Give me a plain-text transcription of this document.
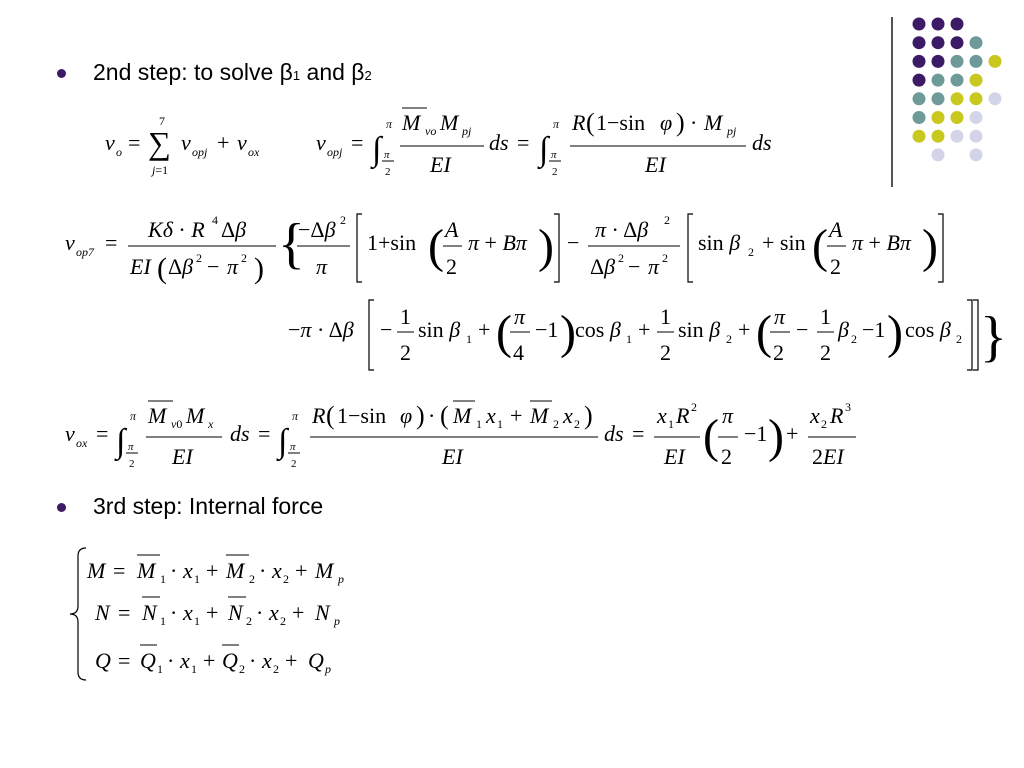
2nd step: to solve β1 and β2
3rd step: Internal force
v o = ∑
7
j=1
v opj + v ox	v opj = ∫
π
π
2
M vo M pj
EI
ds = ∫
π
π
2
R ( 1−sin φ ) · M pj
EI
ds
v op7 =
Kδ · R 4 Δβ
EI ( Δβ 2 − π 2 ) {
−Δβ 2
π
1+sin ( A
2
π + Bπ ) −
π · Δβ 2
Δβ 2 − π 2
sin β 2 + sin ( A
2
π + Bπ )
−π · Δβ −
1
2
sin β 1 + ( π
4
−1 ) cos β 1 +
1
2
sin β 2 + ( π
2
−
1
2
β 2 −1 ) cos β 2 }
v ox = ∫
π
π
2
M v0 M x
EI
ds = ∫
π
π
2
R ( 1−sin φ ) · ( M 1 x 1 + M 2 x 2 )
EI
ds =
x 1 R 2
EI ( π
2
−1 ) +
x 2 R 3
2EI
M = M 1 · x 1 + M 2 · x 2 + M p
N = N 1 · x 1 + N 2 · x 2 + N p
Q = Q 1 · x 1 + Q 2 · x 2 + Q p
